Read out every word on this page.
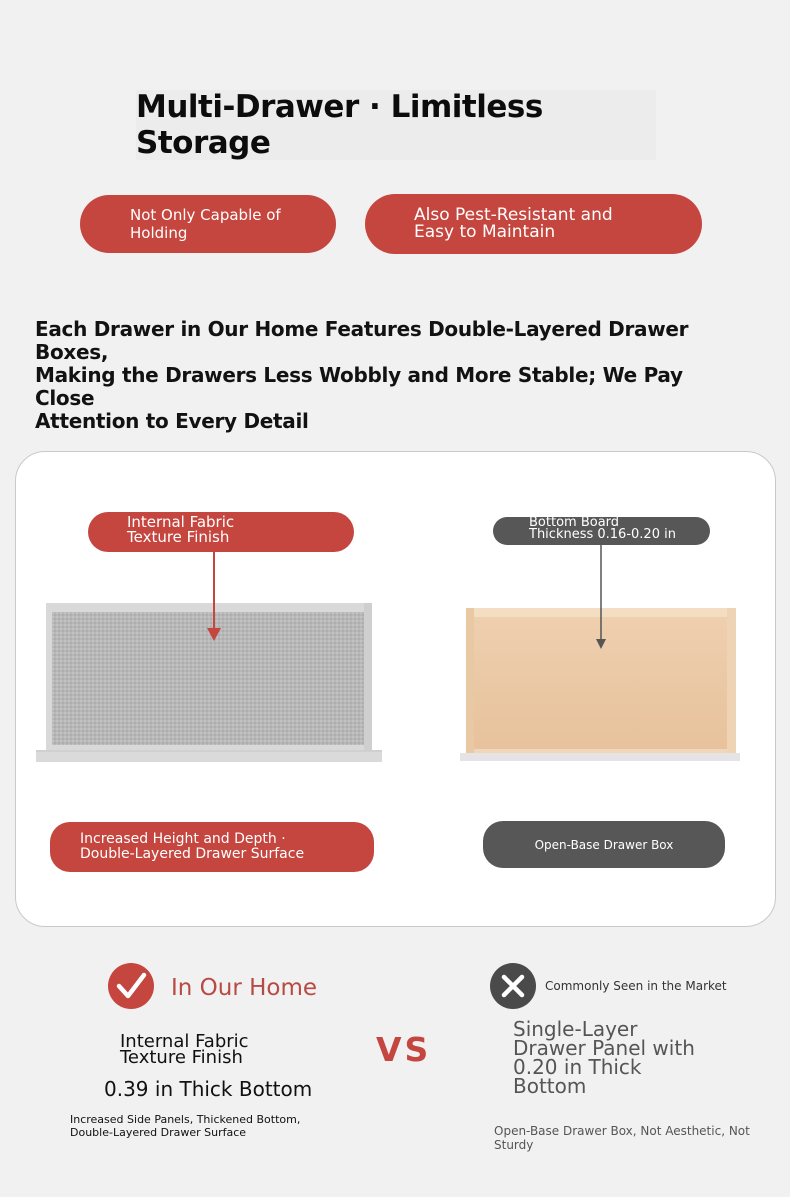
Multi-Drawer · Limitless Storage
Not Only Capable of Holding
Also Pest-Resistant and
Easy to Maintain
Each Drawer in Our Home Features Double-Layered Drawer Boxes,
Making the Drawers Less Wobbly and More Stable; We Pay Close
Attention to Every Detail
Internal Fabric
Texture Finish
Bottom Board
Thickness 0.16-0.20 in
Increased Height and Depth ·
Double-Layered Drawer Surface
Open-Base Drawer Box
In Our Home	Commonly Seen in the Market
VS
Internal Fabric
Texture Finish
0.39 in Thick Bottom
Increased Side Panels, Thickened Bottom,
Double-Layered Drawer Surface
Single-Layer
Drawer Panel with
0.20 in Thick
Bottom
Open-Base Drawer Box, Not Aesthetic, Not Sturdy
